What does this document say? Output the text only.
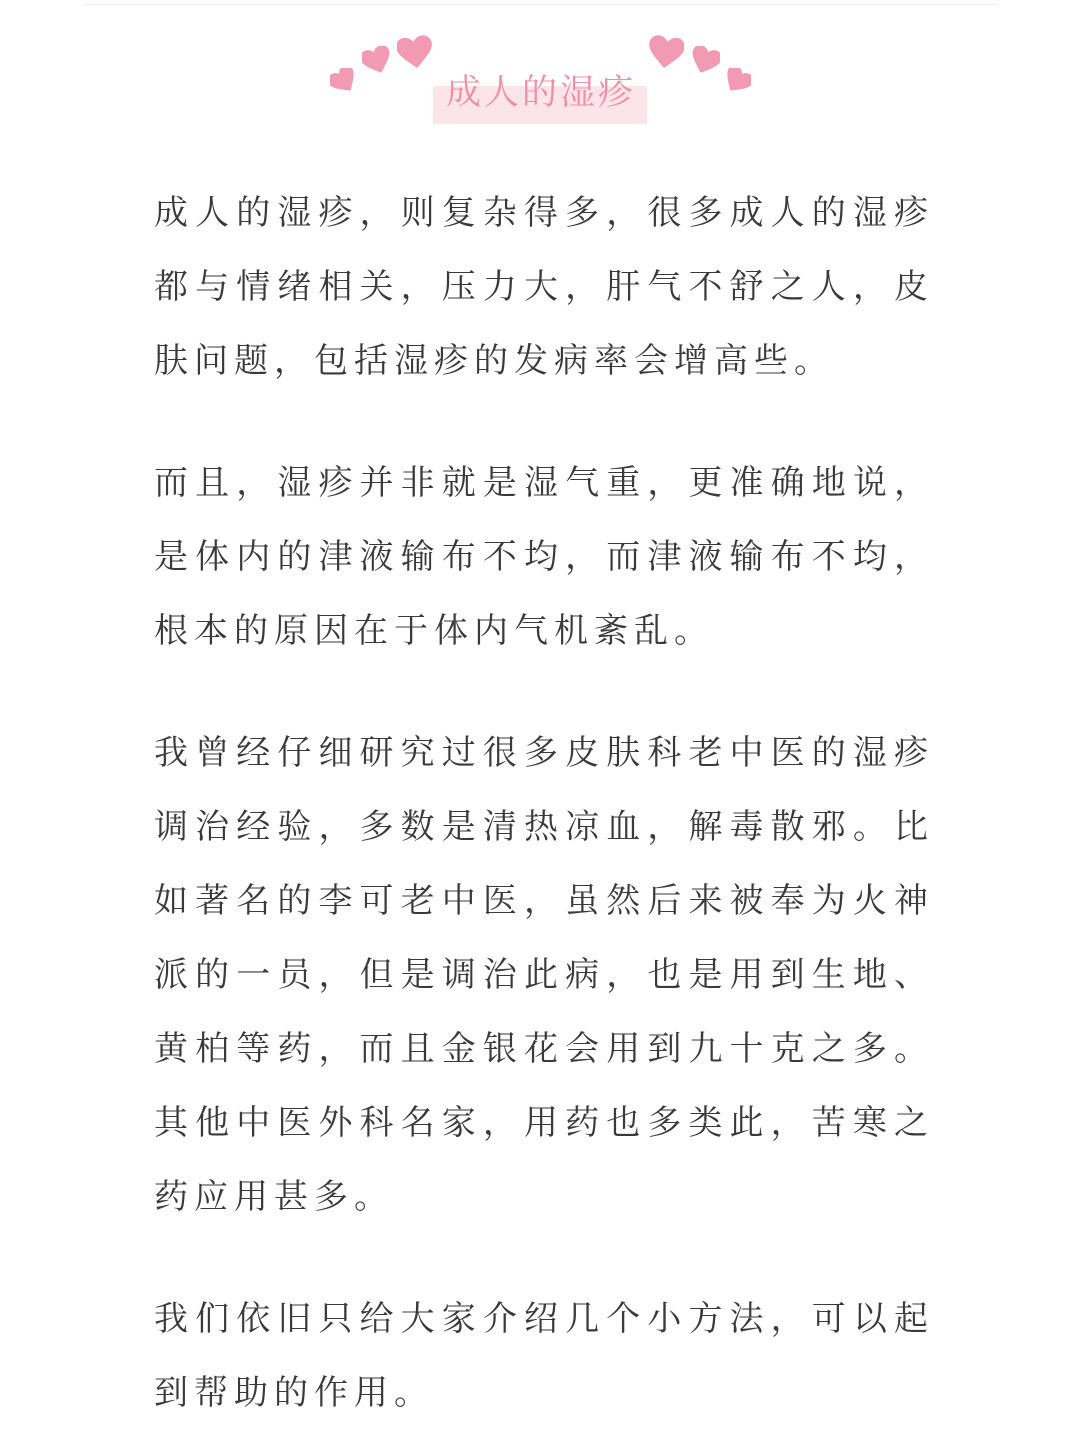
成人的湿疹

成人的湿疹，则复杂得多，很多成人的湿疹都与情绪相关，压力大，肝气不舒之人，皮肤问题，包括湿疹的发病率会增高些。

而且，湿疹并非就是湿气重，更准确地说，是体内的津液输布不均，而津液输布不均，根本的原因在于体内气机紊乱。

我曾经仔细研究过很多皮肤科老中医的湿疹调治经验，多数是清热凉血，解毒散邪。比如著名的李可老中医，虽然后来被奉为火神派的一员，但是调治此病，也是用到生地、黄柏等药，而且金银花会用到九十克之多。其他中医外科名家，用药也多类此，苦寒之药应用甚多。

我们依旧只给大家介绍几个小方法，可以起到帮助的作用。
